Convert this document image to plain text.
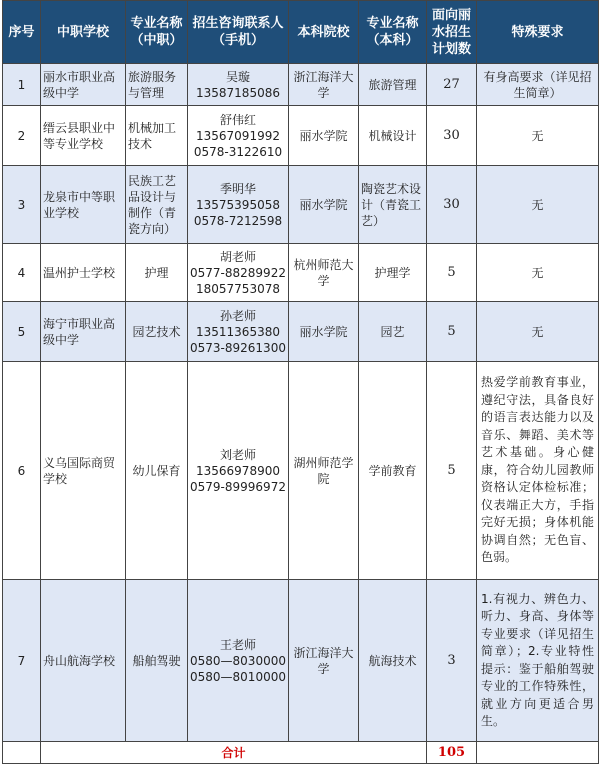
序号	中职学校	专业名称（中职）	招生咨询联系人（手机）	本科院校	专业名称（本科）	面向丽水招生计划数	特殊要求
1	丽水市职业高级中学	旅游服务与管理	吴璇
13587185086	浙江海洋大学	旅游管理	27	有身高要求（详见招生简章）
2	缙云县职业中等专业学校	机械加工技术	舒伟红
13567091992
0578-3122610	丽水学院	机械设计	30	无
3	龙泉市中等职业学校	民族工艺品设计与制作（青瓷方向）	季明华
13575395058
0578-7212598	丽水学院	陶瓷艺术设计（青瓷工艺）	30	无
4	温州护士学校	护理	胡老师
0577-88289922
18057753078	杭州师范大学	护理学	5	无
5	海宁市职业高级中学	园艺技术	孙老师
13511365380
0573-89261300	丽水学院	园艺	5	无
6	义乌国际商贸学校	幼儿保育	刘老师
13566978900
0579-89996972	湖州师范学院	学前教育	5	热爱学前教育事业，遵纪守法，具备良好的语言表达能力以及音乐、舞蹈、美术等艺术基础。身心健康，符合幼儿园教师资格认定体检标准；仪表端正大方，手指完好无损；身体机能协调自然；无色盲、色弱。
7	舟山航海学校	船舶驾驶	王老师
0580—8030000
0580—8010000	浙江海洋大学	航海技术	3	1.有视力、辨色力、听力、身高、身体等专业要求（详见招生简章）；2.专业特性提示：鉴于船舶驾驶专业的工作特殊性，就业方向更适合男生。
	合计					105	
